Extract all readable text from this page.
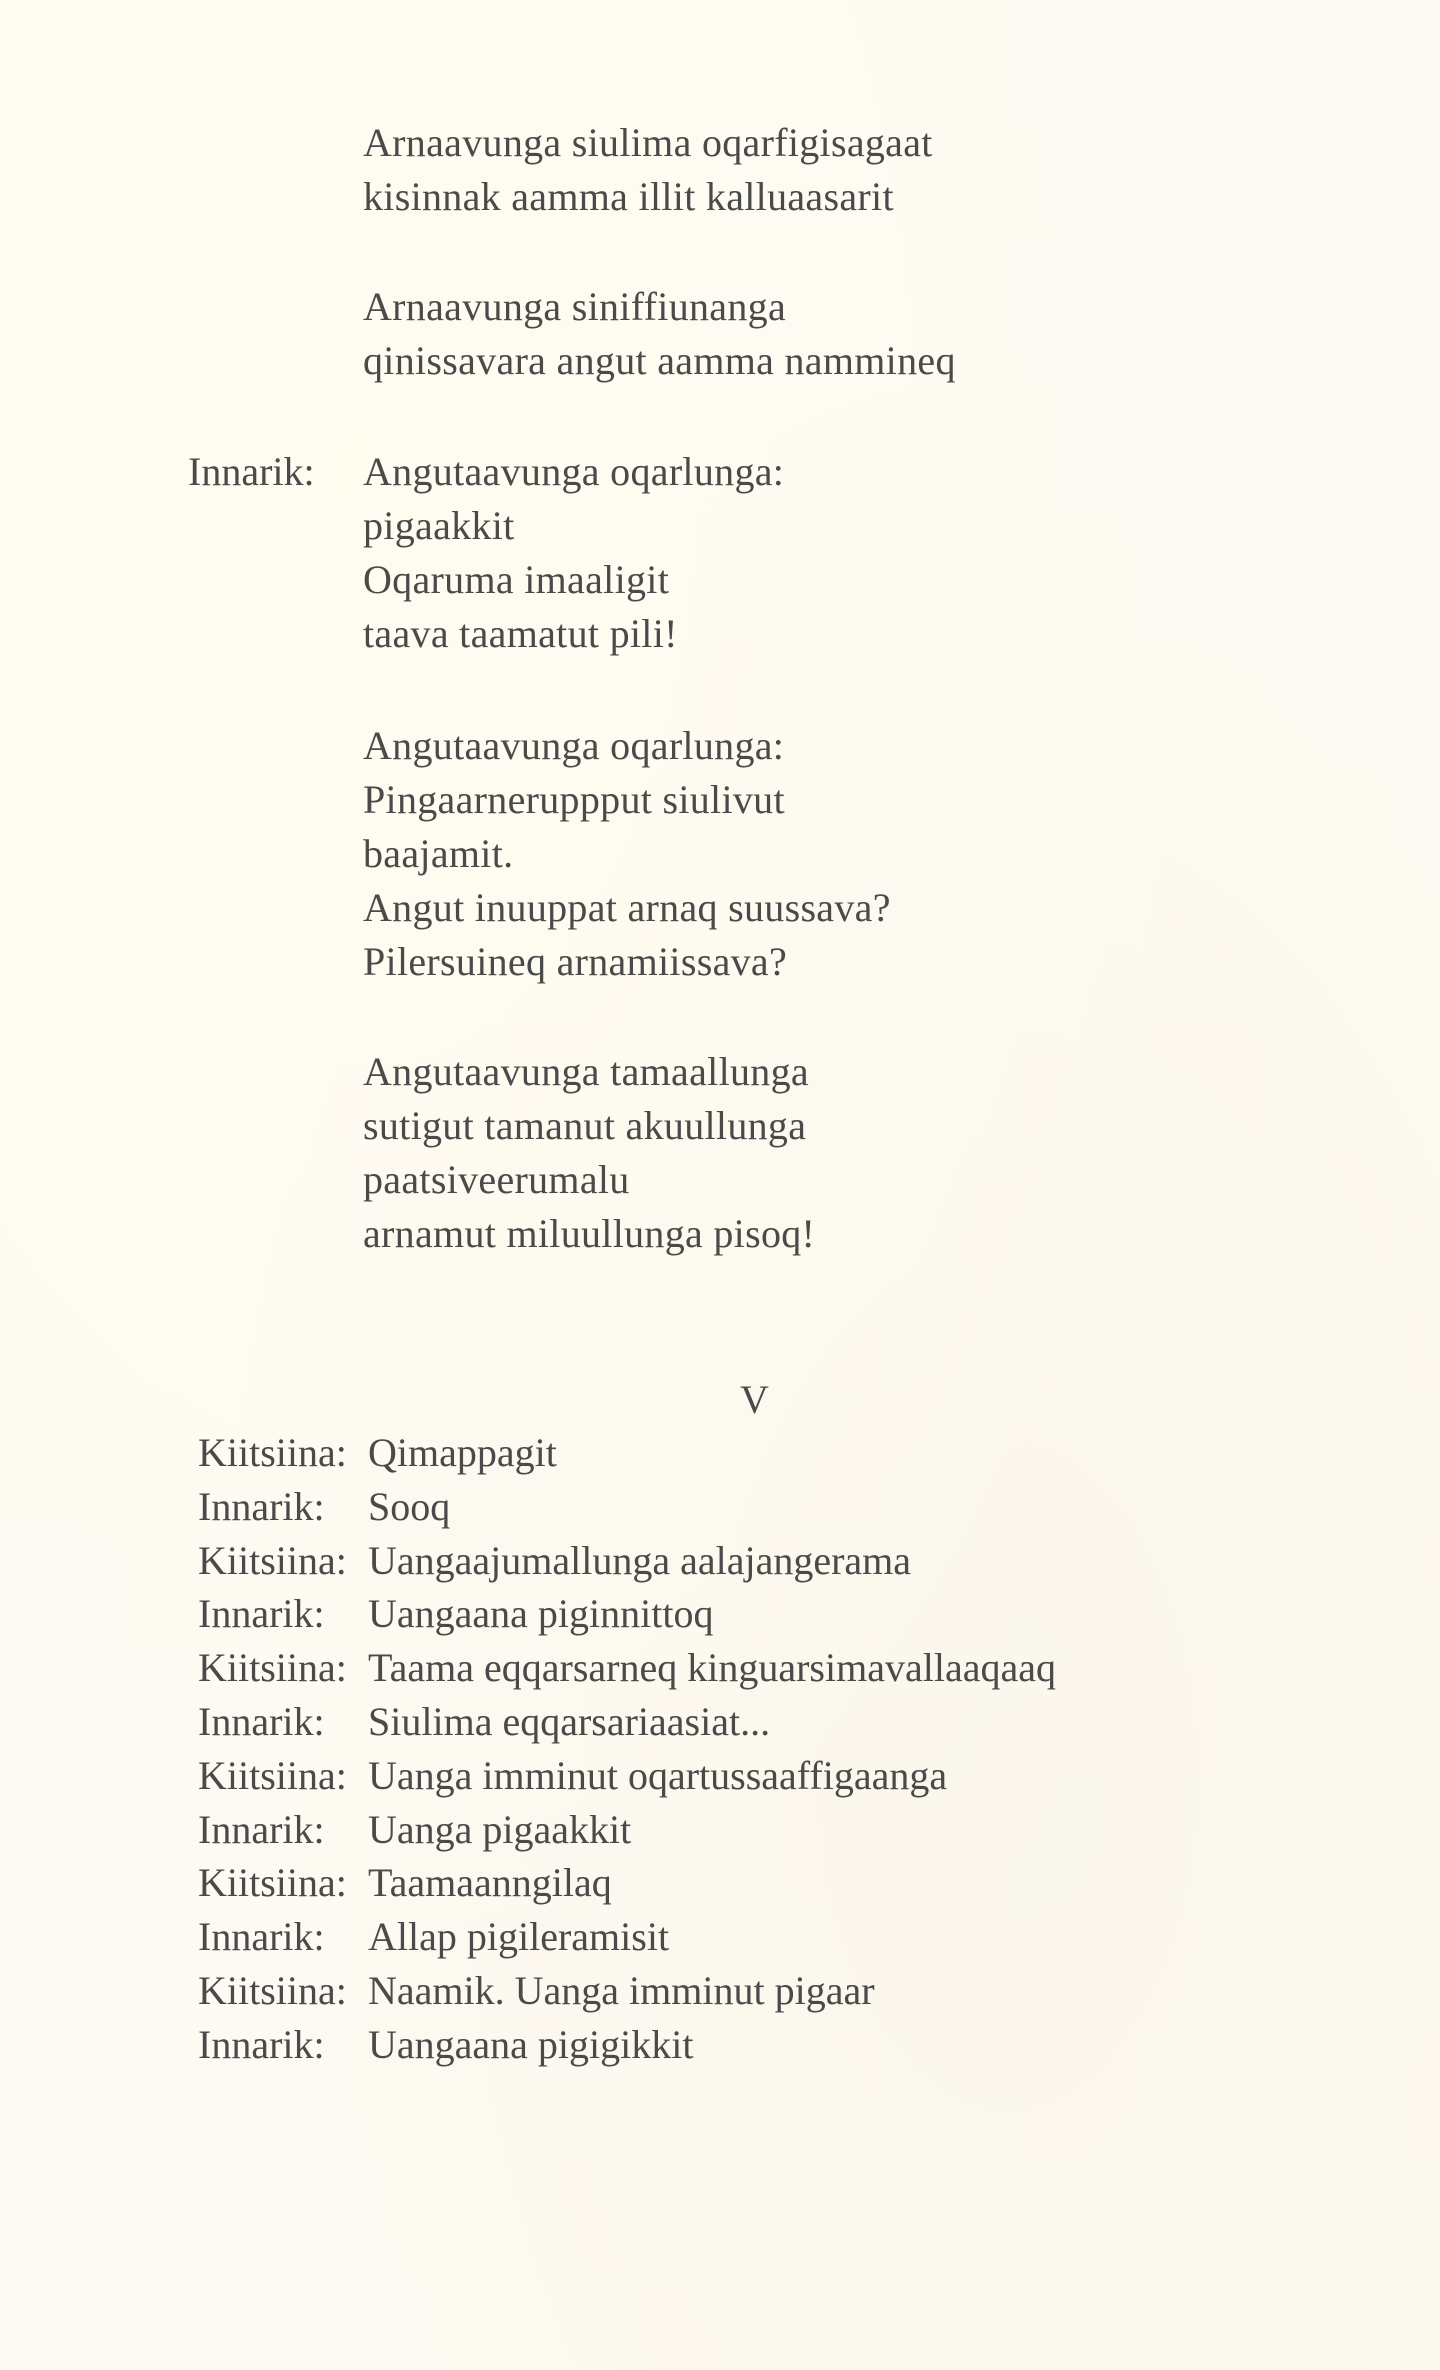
Arnaavunga siulima oqarfigisagaat
kisinnak aamma illit kalluaasarit
Arnaavunga siniffiunanga
qinissavara angut aamma nammineq
Innarik: Angutaavunga oqarlunga:
pigaakkit
Oqaruma imaaligit
taava taamatut pili!
Angutaavunga oqarlunga:
Pingaarneruppput siulivut
baajamit.
Angut inuuppat arnaq suussava?
Pilersuineq arnamiissava?
Angutaavunga tamaallunga
sutigut tamanut akuullunga
paatsiveerumalu
arnamut miluullunga pisoq!
V
Kiitsiina: Qimappagit
Innarik:	Sooq
Kiitsiina: Uangaajumallunga aalajangerama
Innarik:	Uangaana piginnittoq
Kiitsiina: Taama eqqarsarneq kinguarsimavallaaqaaq
Innarik:	Siulima eqqarsariaasiat...
Kiitsiina: Uanga imminut oqartussaaffigaanga
Innarik:	Uanga pigaakkit
Kiitsiina: Taamaanngilaq
Innarik:	Allap pigileramisit
Kiitsiina: Naamik. Uanga imminut pigaar
Innarik:	Uangaana pigigikkit
